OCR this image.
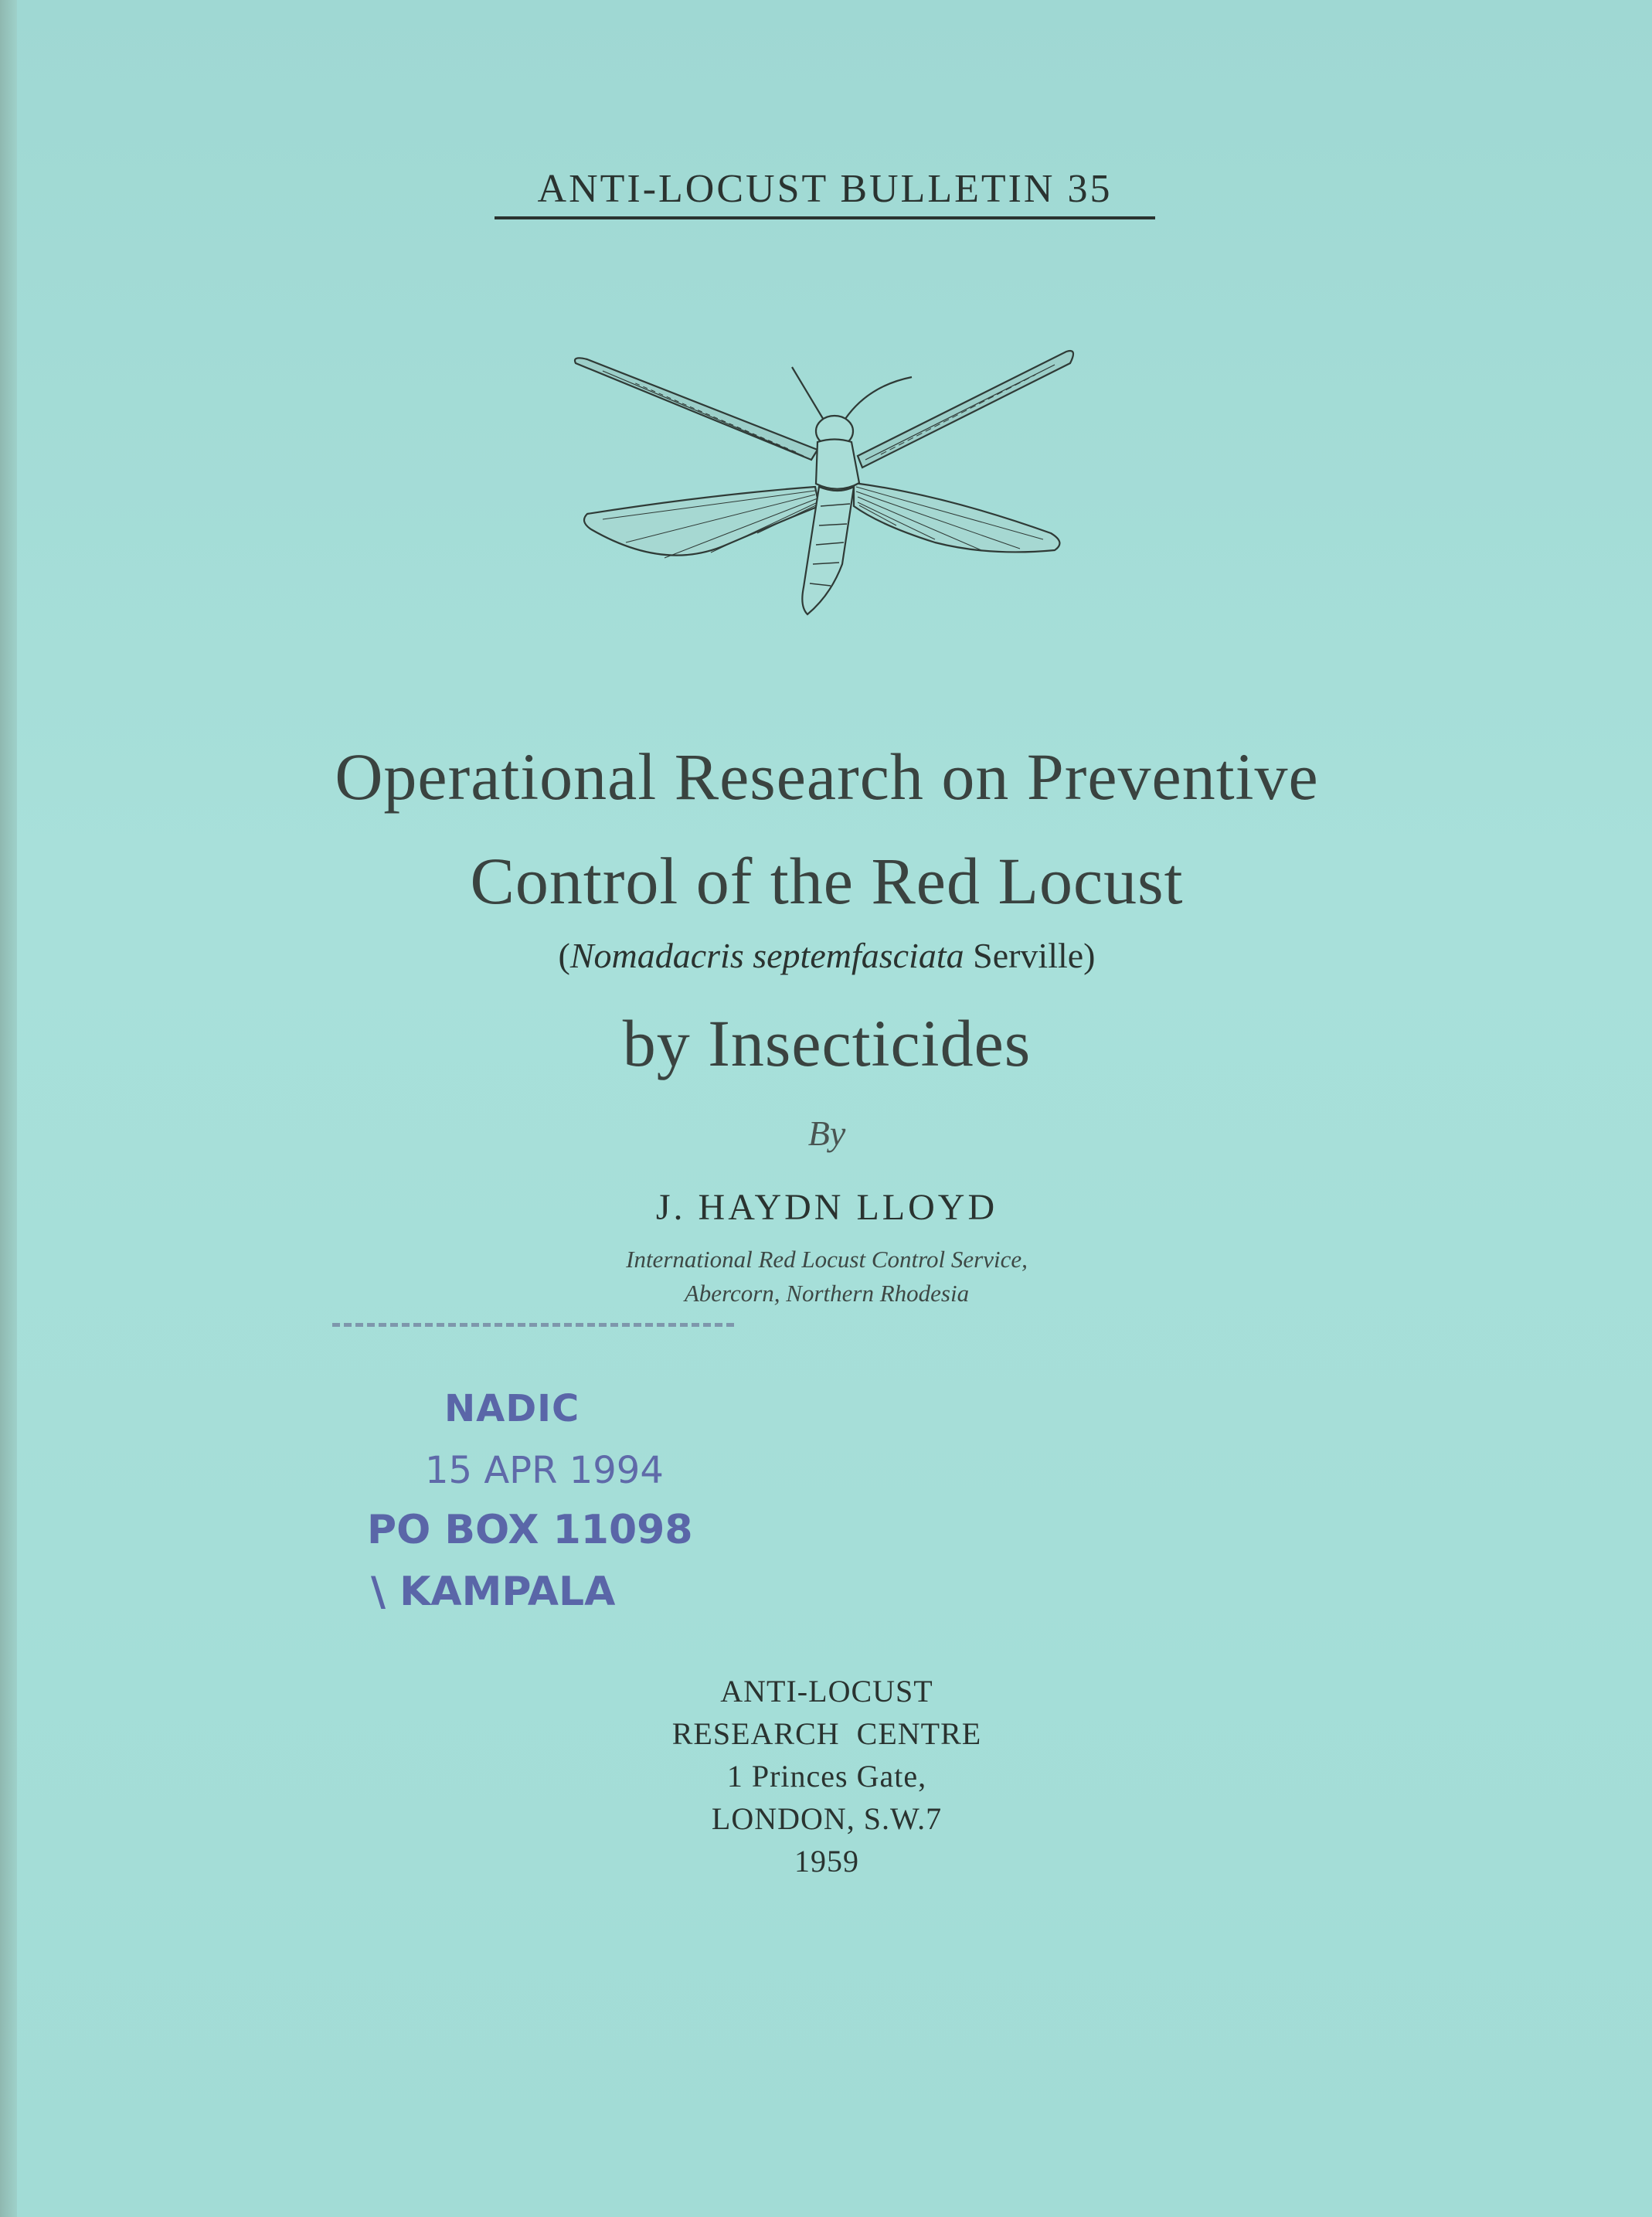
ANTI-LOCUST BULLETIN 35
Operational Research on Preventive
Control of the Red Locust
(Nomadacris septemfasciata Serville)
by Insecticides
By
J. HAYDN LLOYD
International Red Locust Control Service,
Abercorn, Northern Rhodesia
NADIC
15 APR 1994
PO BOX 11098
\ KAMPALA
ANTI-LOCUST
RESEARCH  CENTRE
1 Princes Gate,
LONDON, S.W.7
1959
